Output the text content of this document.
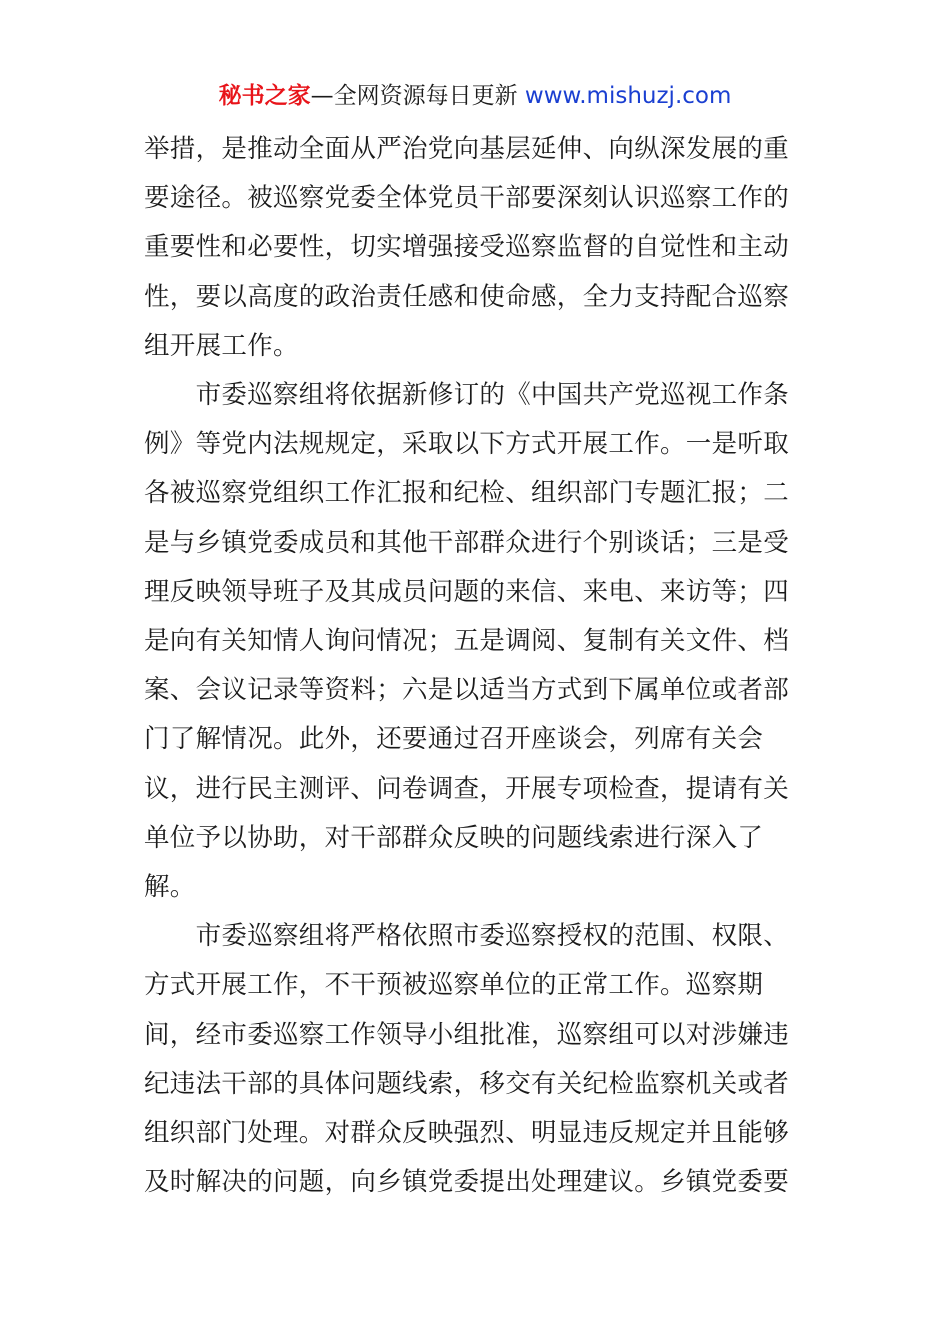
秘书之家—全网资源每日更新 www.mishuzj.com

举措，是推动全面从严治党向基层延伸、向纵深发展的重

要途径。被巡察党委全体党员干部要深刻认识巡察工作的

重要性和必要性，切实增强接受巡察监督的自觉性和主动

性，要以高度的政治责任感和使命感，全力支持配合巡察

组开展工作。

　　市委巡察组将依据新修订的《中国共产党巡视工作条

例》等党内法规规定，采取以下方式开展工作。一是听取

各被巡察党组织工作汇报和纪检、组织部门专题汇报；二

是与乡镇党委成员和其他干部群众进行个别谈话；三是受

理反映领导班子及其成员问题的来信、来电、来访等；四

是向有关知情人询问情况；五是调阅、复制有关文件、档

案、会议记录等资料；六是以适当方式到下属单位或者部

门了解情况。此外，还要通过召开座谈会，列席有关会

议，进行民主测评、问卷调查，开展专项检查，提请有关

单位予以协助，对干部群众反映的问题线索进行深入了

解。

　　市委巡察组将严格依照市委巡察授权的范围、权限、

方式开展工作，不干预被巡察单位的正常工作。巡察期

间，经市委巡察工作领导小组批准，巡察组可以对涉嫌违

纪违法干部的具体问题线索，移交有关纪检监察机关或者

组织部门处理。对群众反映强烈、明显违反规定并且能够

及时解决的问题，向乡镇党委提出处理建议。乡镇党委要
